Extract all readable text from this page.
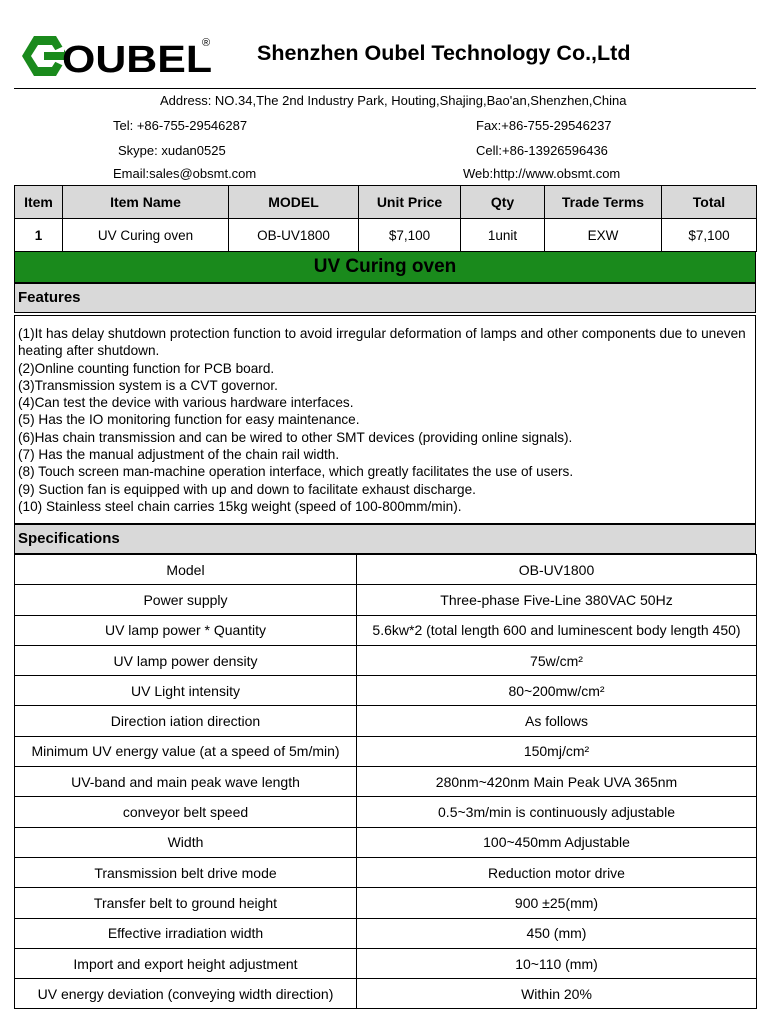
OUBEL
® Shenzhen Oubel Technology Co.,Ltd
Address: NO.34,The 2nd Industry Park, Houting,Shajing,Bao'an,Shenzhen,China
Tel: +86-755-29546287	Fax:+86-755-29546237
Skype: xudan0525	Cell:+86-13926596436
Email:sales@obsmt.com	Web:http://www.obsmt.com
Item	Item Name	MODEL	Unit Price	Qty	Trade Terms	Total
1	UV Curing oven	OB-UV1800	$7,100	1unit	EXW	$7,100
UV Curing oven
Features
(1)It has delay shutdown protection function to avoid irregular deformation of lamps and other components due to uneven heating after shutdown.
(2)Online counting function for PCB board.
(3)Transmission system is a CVT governor.
(4)Can test the device with various hardware interfaces.
(5) Has the IO monitoring function for easy maintenance.
(6)Has chain transmission and can be wired to other SMT devices (providing online signals).
(7) Has the manual adjustment of the chain rail width.
(8) Touch screen man-machine operation interface, which greatly facilitates the use of users.
(9) Suction fan is equipped with up and down to facilitate exhaust discharge.
(10) Stainless steel chain carries 15kg weight (speed of 100-800mm/min).
Specifications
Model	OB-UV1800
Power supply	Three-phase Five-Line 380VAC 50Hz
UV lamp power * Quantity	5.6kw*2 (total length 600 and luminescent body length 450)
UV lamp power density	75w/cm²
UV Light intensity	80~200mw/cm²
Direction iation direction	As follows
Minimum UV energy value (at a speed of 5m/min)	150mj/cm²
UV-band and main peak wave length	280nm~420nm Main Peak UVA 365nm
conveyor belt speed	0.5~3m/min is continuously adjustable
Width	100~450mm Adjustable
Transmission belt drive mode	Reduction motor drive
Transfer belt to ground height	900 ±25(mm)
Effective irradiation width	450 (mm)
Import and export height adjustment	10~110 (mm)
UV energy deviation (conveying width direction)	Within 20%
